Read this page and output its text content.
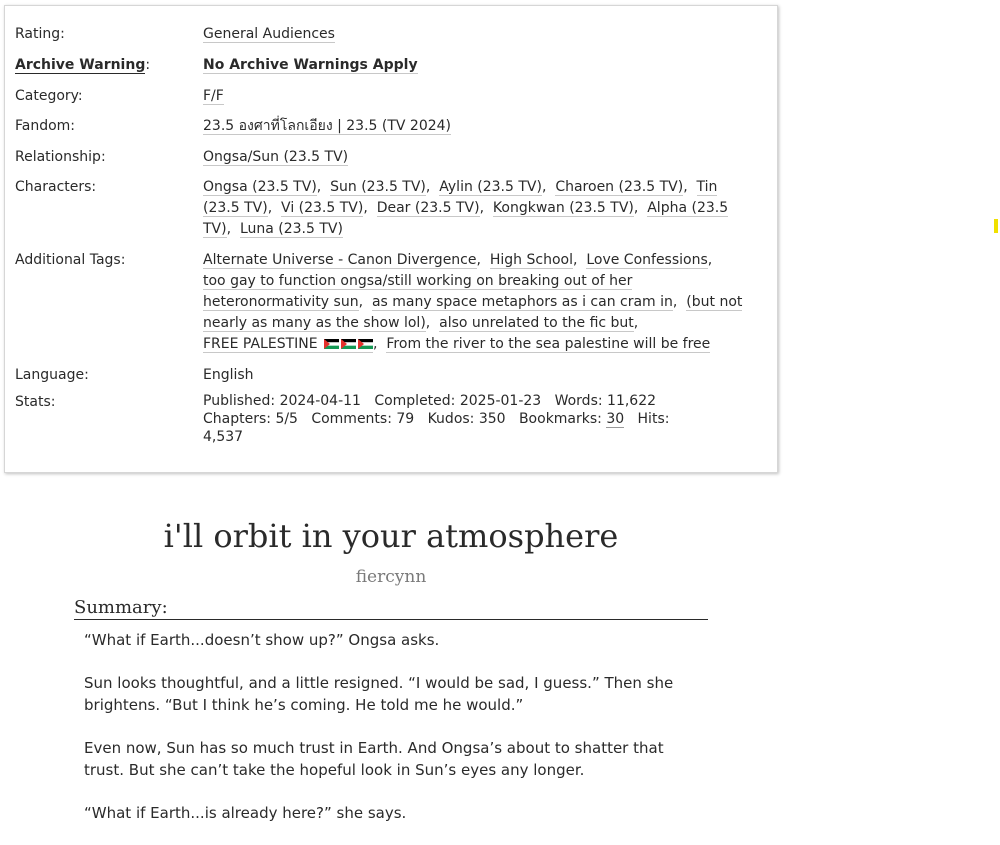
Rating:	General Audiences
Archive Warning:	No Archive Warnings Apply
Category:	F/F
Fandom:	23.5 องศาที่โลกเอียง | 23.5 (TV 2024)
Relationship:	Ongsa/Sun (23.5 TV)
Characters:	Ongsa (23.5 TV),  Sun (23.5 TV),  Aylin (23.5 TV),  Charoen (23.5 TV),  Tin (23.5 TV),  Vi (23.5 TV),  Dear (23.5 TV),  Kongkwan (23.5 TV),  Alpha (23.5 TV),  Luna (23.5 TV)
Additional Tags:	Alternate Universe - Canon Divergence,  High School,  Love Confessions,  too gay to function ongsa/still working on breaking out of her heteronormativity sun,  as many space metaphors as i can cram in,  (but not nearly as many as the show lol),  also unrelated to the fic but,  FREE PALESTINE	,  From the river to the sea palestine will be free
Language:	English
Stats:	Published: 2024-04-11 Completed: 2025-01-23 Words: 11,622
Chapters: 5/5 Comments: 79 Kudos: 350 Bookmarks: 30 Hits:
4,537
i'll orbit in your atmosphere
fiercynn
Summary:

“What if Earth...doesn’t show up?” Ongsa asks.

Sun looks thoughtful, and a little resigned. “I would be sad, I guess.” Then she brightens. “But I think he’s coming. He told me he would.”

Even now, Sun has so much trust in Earth. And Ongsa’s about to shatter that trust. But she can’t take the hopeful look in Sun’s eyes any longer.

“What if Earth...is already here?” she says.
